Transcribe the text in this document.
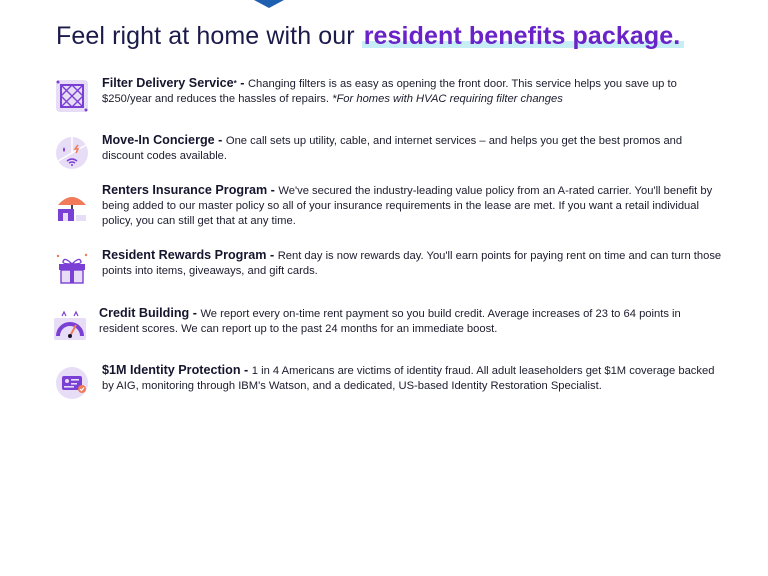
Feel right at home with our resident benefits package.
Filter Delivery Service* - Changing filters is as easy as opening the front door. This service helps you save up to $250/year and reduces the hassles of repairs. *For homes with HVAC requiring filter changes
Move-In Concierge - One call sets up utility, cable, and internet services – and helps you get the best promos and discount codes available.
Renters Insurance Program - We've secured the industry-leading value policy from an A-rated carrier. You'll benefit by being added to our master policy so all of your insurance requirements in the lease are met. If you want a retail individual policy, you can still get that at any time.
Resident Rewards Program - Rent day is now rewards day. You'll earn points for paying rent on time and can turn those points into items, giveaways, and gift cards.
Credit Building - We report every on-time rent payment so you build credit. Average increases of 23 to 64 points in resident scores. We can report up to the past 24 months for an immediate boost.
$1M Identity Protection - 1 in 4 Americans are victims of identity fraud. All adult leaseholders get $1M coverage backed by AIG, monitoring through IBM's Watson, and a dedicated, US-based Identity Restoration Specialist.
